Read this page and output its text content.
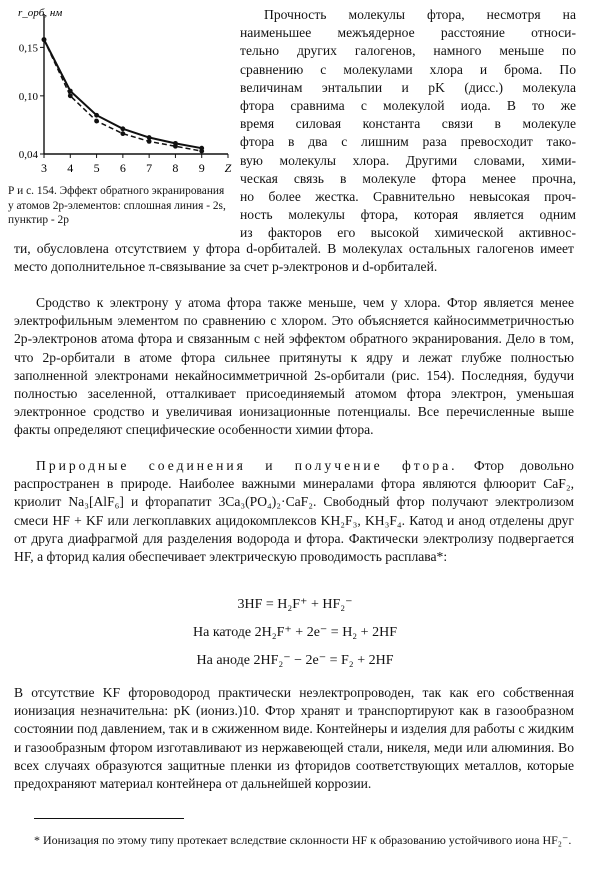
r_орб, нм
0,15
0,10
0,04
3 4 5 6 7 8 9 Z
Р и с. 154. Эффект обратного экранирования у атомов 2p-элементов: сплошная линия - 2s, пунктир - 2p
Прочность молекулы фтора, несмотря на
наименьшее межъядерное расстояние относи-
тельно других галогенов, намного меньше по
сравнению с молекулами хлора и брома. По
величинам энтальпии и pK (дисс.) молекула
фтора сравнима с молекулой иода. В то же
время силовая константа связи в молекуле
фтора в два с лишним раза превосходит тако-
вую молекулы хлора. Другими словами, хими-
ческая связь в молекуле фтора менее прочна,
но более жестка. Сравнительно невысокая проч-
ность молекулы фтора, которая является одним
из факторов его высокой химической активнос-

ти, обусловлена отсутствием у фтора d-орбиталей. В молекулах остальных галогенов имеет место дополнительное π-связывание за счет p-электронов и d-орбиталей.

Сродство к электрону у атома фтора также меньше, чем у хлора. Фтор является менее электрофильным элементом по сравнению с хлором. Это объясняется кайносимметричностью 2p-электронов атома фтора и связанным с ней эффектом обратного экранирования. Дело в том, что 2p-орбитали в атоме фтора сильнее притянуты к ядру и лежат глубже полностью заполненной электронами некайносимметричной 2s-орбитали (рис. 154). Последняя, будучи полностью заселенной, отталкивает присоединяемый атомом фтора электрон, уменьшая электронное сродство и увеличивая ионизационные потенциалы. Все перечисленные выше факты определяют специфические особенности химии фтора.

Природные соединения и получение фтора. Фтор довольно распространен в природе. Наиболее важными минералами фтора являются флюорит CaF₂, криолит Na₃[AlF₆] и фторапатит 3Ca₃(PO₄)₂·CaF₂. Свободный фтор получают электролизом смеси HF + KF или легкоплавких ацидокомплексов KH₂F₃, KH₃F₄. Катод и анод отделены друг от друга диафрагмой для разделения водорода и фтора. Фактически электролизу подвергается HF, а фторид калия обеспечивает электрическую проводимость расплава*:

3HF = H₂F⁺ + HF₂⁻
На катоде 2H₂F⁺ + 2e⁻ = H₂ + 2HF
На аноде 2HF₂⁻ − 2e⁻ = F₂ + 2HF

В отсутствие KF фтороводород практически неэлектропроводен, так как его собственная ионизация незначительна: pK (иониз.)10. Фтор хранят и транспортируют как в газообразном состоянии под давлением, так и в сжиженном виде. Контейнеры и изделия для работы с жидким и газообразным фтором изготавливают из нержавеющей стали, никеля, меди или алюминия. Во всех случаях образуются защитные пленки из фторидов соответствующих металлов, которые предохраняют материал контейнера от дальнейшей коррозии.

* Ионизация по этому типу протекает вследствие склонности HF к образованию устойчивого иона HF₂⁻.
